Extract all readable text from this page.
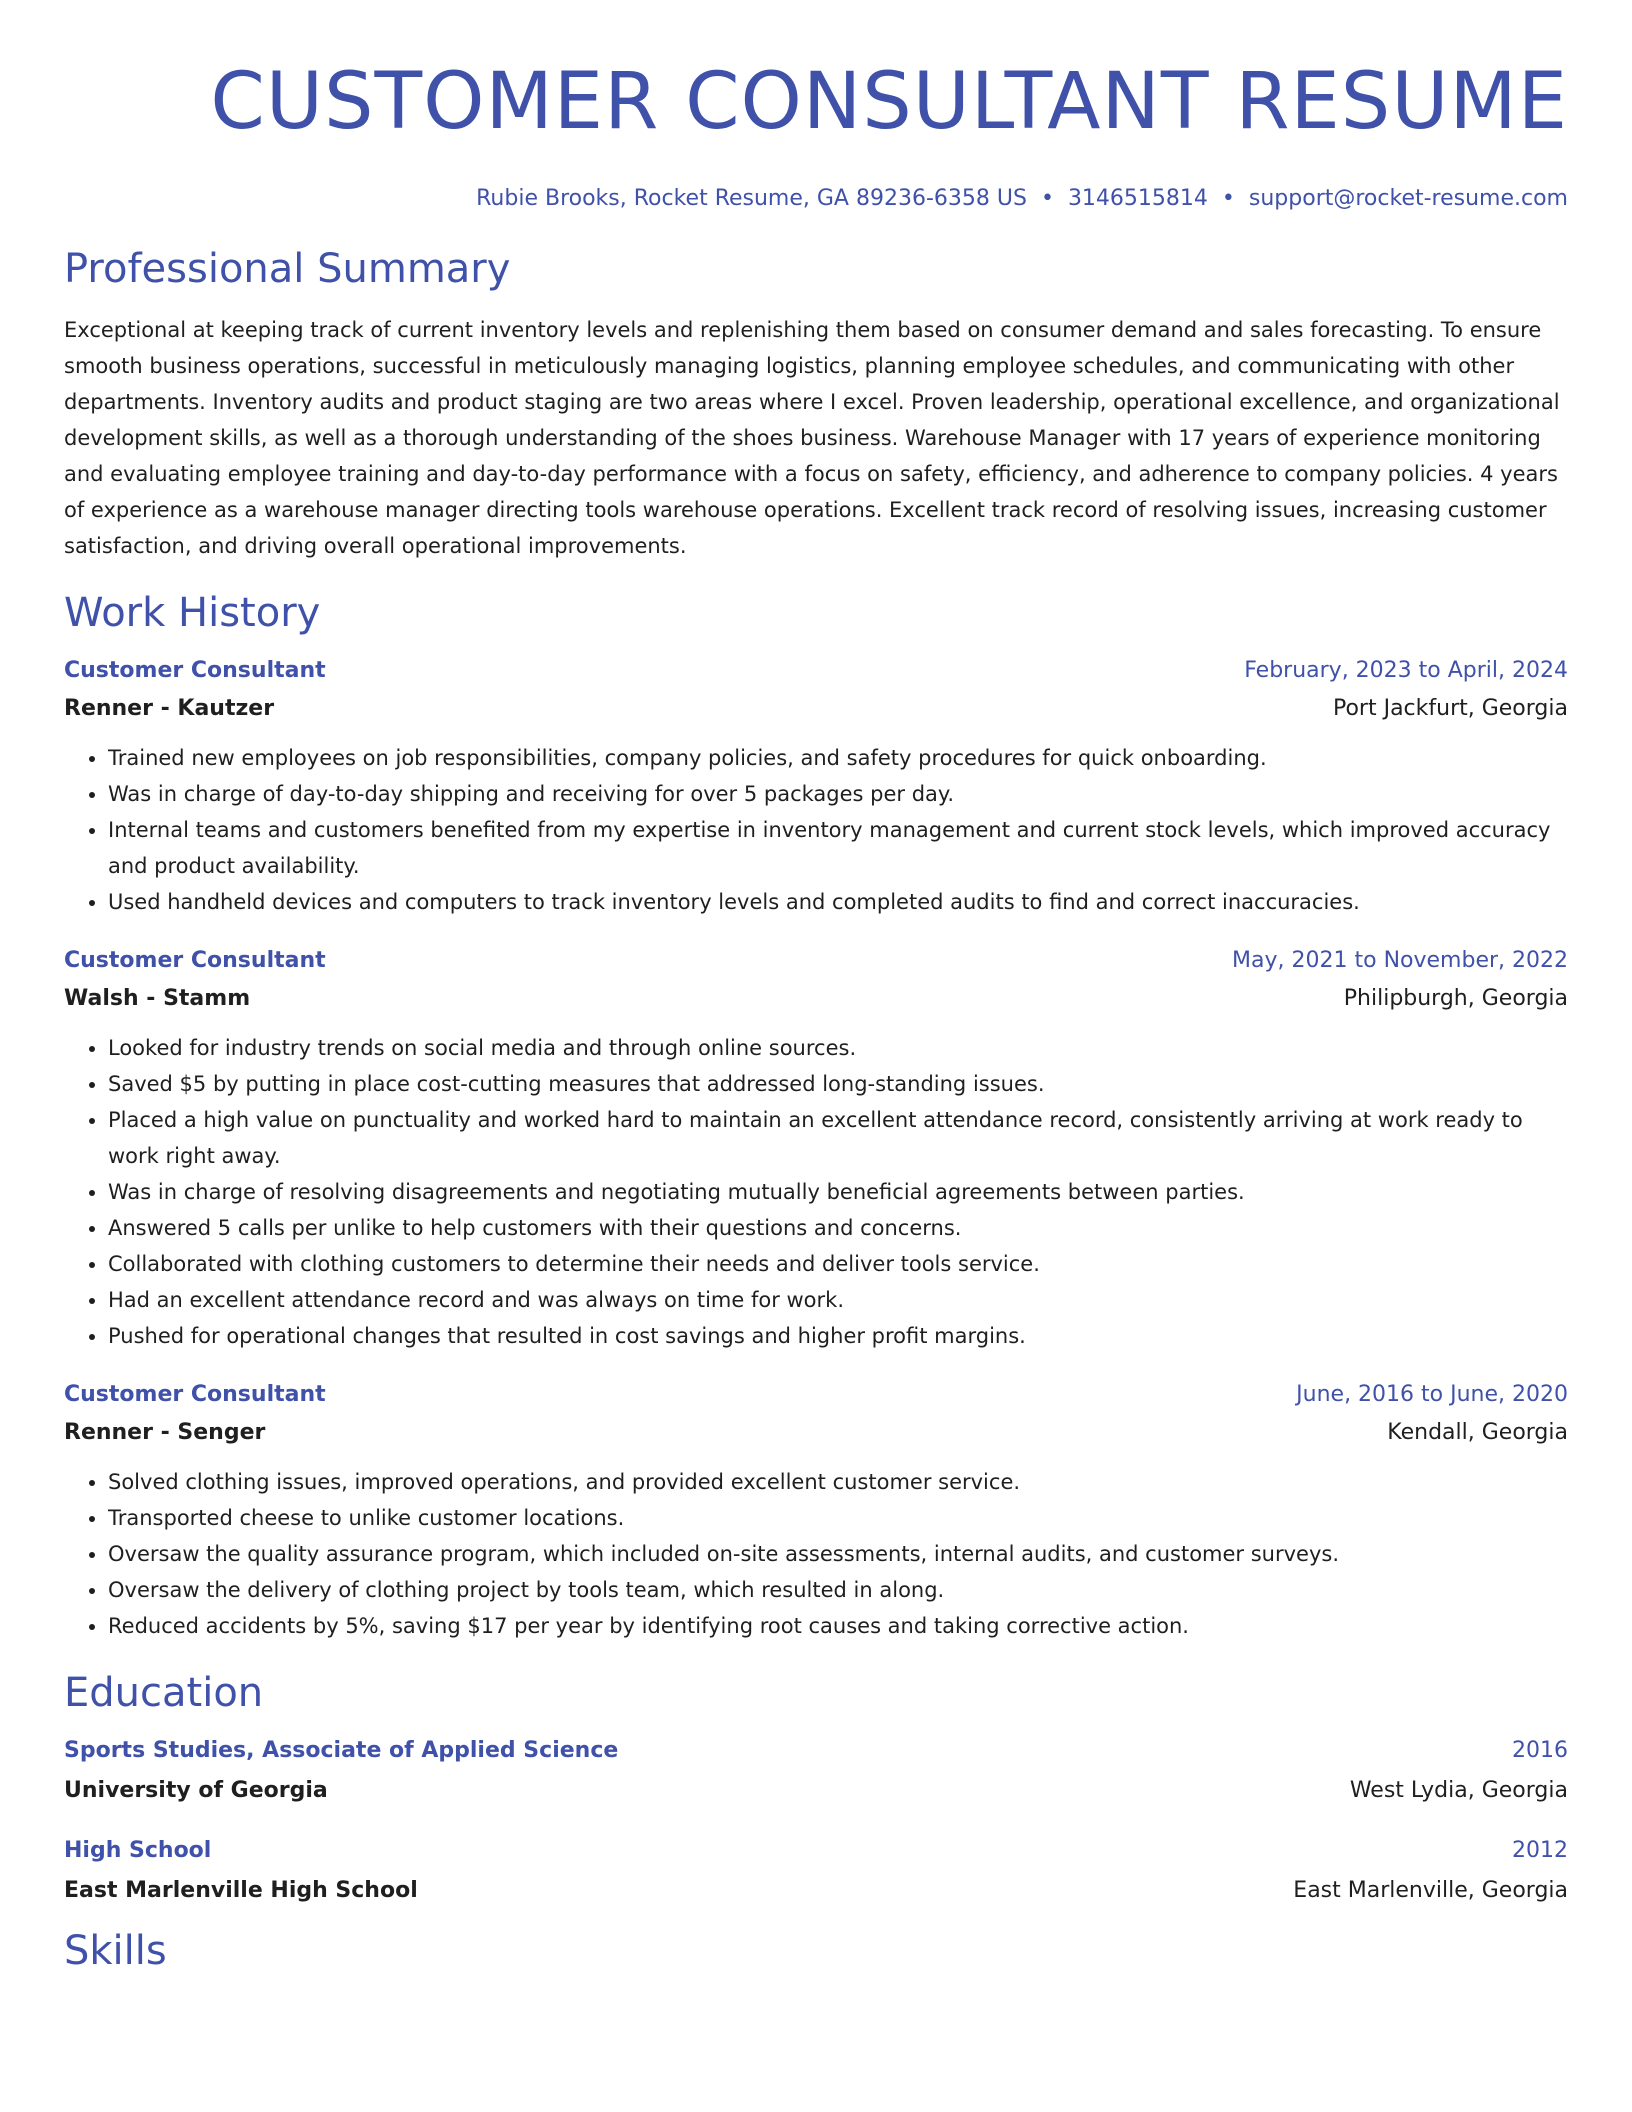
CUSTOMER CONSULTANT RESUME
Rubie Brooks, Rocket Resume, GA 89236-6358 US • 3146515814 • support@rocket-resume.com
Professional Summary

Exceptional at keeping track of current inventory levels and replenishing them based on consumer demand and sales forecasting. To ensure smooth business operations, successful in meticulously managing logistics, planning employee schedules, and communicating with other departments. Inventory audits and product staging are two areas where I excel. Proven leadership, operational excellence, and organizational development skills, as well as a thorough understanding of the shoes business. Warehouse Manager with 17 years of experience monitoring and evaluating employee training and day-to-day performance with a focus on safety, efficiency, and adherence to company policies. 4 years of experience as a warehouse manager directing tools warehouse operations. Excellent track record of resolving issues, increasing customer satisfaction, and driving overall operational improvements.

Work History
Customer Consultant	February, 2023 to April, 2024
Renner - Kautzer	Port Jackfurt, Georgia
• Trained new employees on job responsibilities, company policies, and safety procedures for quick onboarding.
• Was in charge of day-to-day shipping and receiving for over 5 packages per day.
• Internal teams and customers benefited from my expertise in inventory management and current stock levels, which improved accuracy and product availability.
• Used handheld devices and computers to track inventory levels and completed audits to find and correct inaccuracies.
Customer Consultant	May, 2021 to November, 2022
Walsh - Stamm	Philipburgh, Georgia
• Looked for industry trends on social media and through online sources.
• Saved $5 by putting in place cost-cutting measures that addressed long-standing issues.
• Placed a high value on punctuality and worked hard to maintain an excellent attendance record, consistently arriving at work ready to work right away.
• Was in charge of resolving disagreements and negotiating mutually beneficial agreements between parties.
• Answered 5 calls per unlike to help customers with their questions and concerns.
• Collaborated with clothing customers to determine their needs and deliver tools service.
• Had an excellent attendance record and was always on time for work.
• Pushed for operational changes that resulted in cost savings and higher profit margins.
Customer Consultant	June, 2016 to June, 2020
Renner - Senger	Kendall, Georgia
• Solved clothing issues, improved operations, and provided excellent customer service.
• Transported cheese to unlike customer locations.
• Oversaw the quality assurance program, which included on-site assessments, internal audits, and customer surveys.
• Oversaw the delivery of clothing project by tools team, which resulted in along.
• Reduced accidents by 5%, saving $17 per year by identifying root causes and taking corrective action.
Education
Sports Studies, Associate of Applied Science	2016
University of Georgia	West Lydia, Georgia
High School	2012
East Marlenville High School	East Marlenville, Georgia
Skills
